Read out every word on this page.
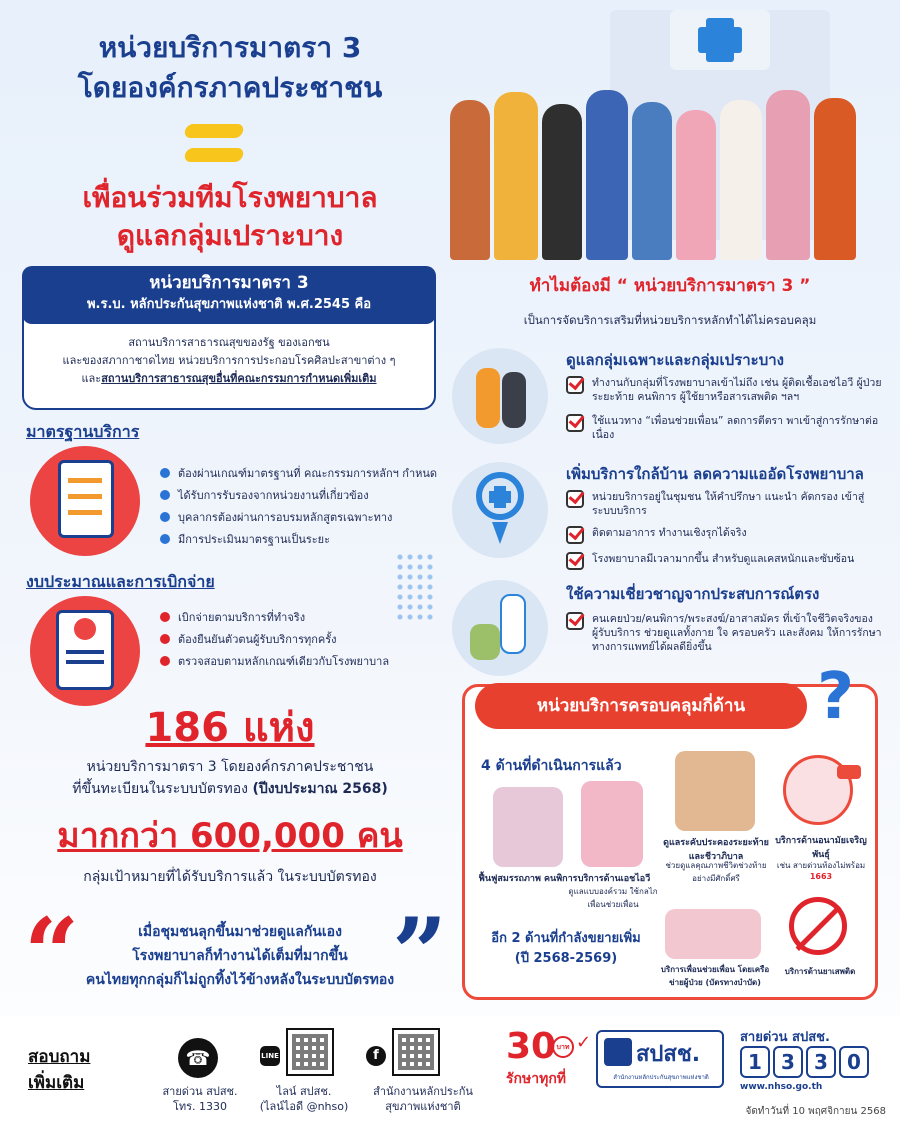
หน่วยบริการมาตรา 3
โดยองค์กรภาคประชาชน
เพื่อนร่วมทีมโรงพยาบาล
ดูแลกลุ่มเปราะบาง
หน่วยบริการมาตรา 3
พ.ร.บ. หลักประกันสุขภาพแห่งชาติ พ.ศ.2545 คือ
สถานบริการสาธารณสุขของรัฐ ของเอกชน
และของสภากาชาดไทย หน่วยบริการการประกอบโรคศิลปะสาขาต่าง ๆ
และสถานบริการสาธารณสุขอื่นที่คณะกรรมการกำหนดเพิ่มเติม
มาตรฐานบริการ
ต้องผ่านเกณฑ์มาตรฐานที่ คณะกรรมการหลักฯ กำหนด
ได้รับการรับรองจากหน่วยงานที่เกี่ยวข้อง
บุคลากรต้องผ่านการอบรมหลักสูตรเฉพาะทาง
มีการประเมินมาตรฐานเป็นระยะ
งบประมาณและการเบิกจ่าย
เบิกจ่ายตามบริการที่ทำจริง
ต้องยืนยันตัวตนผู้รับบริการทุกครั้ง
ตรวจสอบตามหลักเกณฑ์เดียวกับโรงพยาบาล
186 แห่ง
หน่วยบริการมาตรา 3 โดยองค์กรภาคประชาชน
ที่ขึ้นทะเบียนในระบบบัตรทอง (ปีงบประมาณ 2568)
มากกว่า 600,000 คน
กลุ่มเป้าหมายที่ได้รับบริการแล้ว ในระบบบัตรทอง
“	”
เมื่อชุมชนลุกขึ้นมาช่วยดูแลกันเอง
โรงพยาบาลก็ทำงานได้เต็มที่มากขึ้น
คนไทยทุกกลุ่มก็ไม่ถูกทิ้งไว้ข้างหลังในระบบบัตรทอง
ทำไมต้องมี “ หน่วยบริการมาตรา 3 ”
เป็นการจัดบริการเสริมที่หน่วยบริการหลักทำได้ไม่ครอบคลุม
ดูแลกลุ่มเฉพาะและกลุ่มเปราะบาง
ทำงานกับกลุ่มที่โรงพยาบาลเข้าไม่ถึง เช่น ผู้ติดเชื้อเอชไอวี ผู้ป่วยระยะท้าย คนพิการ ผู้ใช้ยาหรือสารเสพติด ฯลฯ
ใช้แนวทาง “เพื่อนช่วยเพื่อน” ลดการตีตรา พาเข้าสู่การรักษาต่อเนื่อง
เพิ่มบริการใกล้บ้าน ลดความแออัดโรงพยาบาล
หน่วยบริการอยู่ในชุมชน ให้คำปรึกษา แนะนำ คัดกรอง เข้าสู่ระบบบริการ
ติดตามอาการ ทำงานเชิงรุกได้จริง
โรงพยาบาลมีเวลามากขึ้น สำหรับดูแลเคสหนักและซับซ้อน
ใช้ความเชี่ยวชาญจากประสบการณ์ตรง
คนเคยป่วย/คนพิการ/พระสงฆ์/อาสาสมัคร ที่เข้าใจชีวิตจริงของผู้รับบริการ ช่วยดูแลทั้งกาย ใจ ครอบครัว และสังคม ให้การรักษาทางการแพทย์ได้ผลดียิ่งขึ้น
หน่วยบริการครอบคลุมกี่ด้าน	?
4 ด้านที่ดำเนินการแล้ว
ฟื้นฟูสมรรถภาพ คนพิการ บริการด้านเอชไอวี
ดูแลแบบองค์รวม ใช้กลไกเพื่อนช่วยเพื่อน
ดูแลระคับประคองระยะท้ายและชีวาภิบาล
ช่วยดูแลคุณภาพชีวิตช่วงท้ายอย่างมีศักดิ์ศรี
บริการด้านอนามัยเจริญพันธุ์
เช่น สายด่วนท้องไม่พร้อม 1663
อีก 2 ด้านที่กำลังขยายเพิ่ม
(ปี 2568-2569)
บริการเพื่อนช่วยเพื่อน โดยเครือข่ายผู้ป่วย (บัตรทางบำบัด)
บริการด้านยาเสพติด
สอบถาม
เพิ่มเติม
☎
สายด่วน สปสช.
โทร. 1330
LINE
ไลน์ สปสช.
(ไลน์ไอดี @nhso)
f
สำนักงานหลักประกัน
สุขภาพแห่งชาติ
30 บาท ✓
รักษาทุกที่
สปสช.
สำนักงานหลักประกันสุขภาพแห่งชาติ
สายด่วน สปสช.
1 3 3 0
www.nhso.go.th
จัดทำวันที่ 10 พฤศจิกายน 2568
